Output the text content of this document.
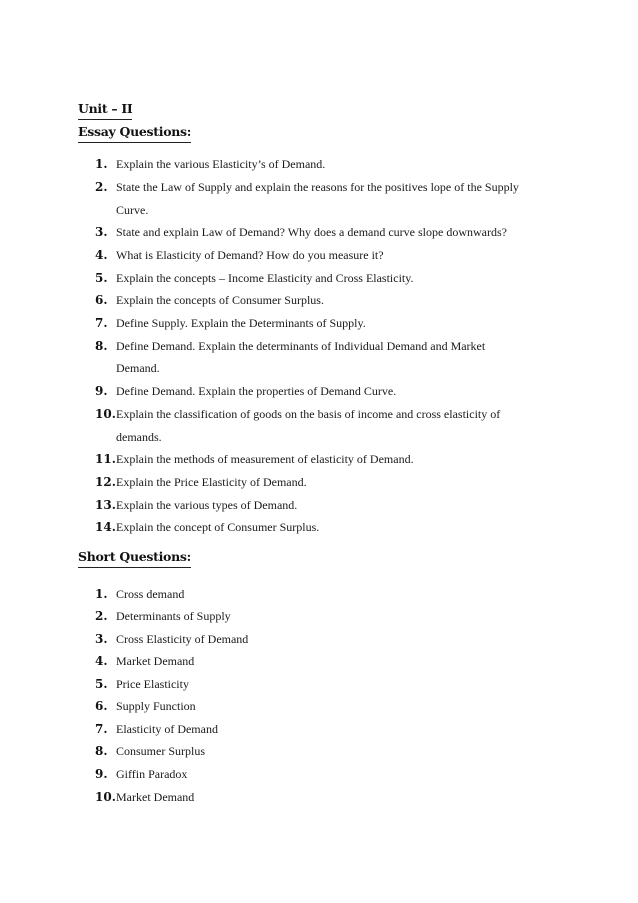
Unit – II
Essay Questions:
1. Explain the various Elasticity’s of Demand.
2. State the Law of Supply and explain the reasons for the positives lope of the Supply
Curve.
3. State and explain Law of Demand? Why does a demand curve slope downwards?
4. What is Elasticity of Demand? How do you measure it?
5. Explain the concepts – Income Elasticity and Cross Elasticity.
6. Explain the concepts of Consumer Surplus.
7. Define Supply. Explain the Determinants of Supply.
8. Define Demand. Explain the determinants of Individual Demand and Market
Demand.
9. Define Demand. Explain the properties of Demand Curve.
10. Explain the classification of goods on the basis of income and cross elasticity of
demands.
11. Explain the methods of measurement of elasticity of Demand.
12. Explain the Price Elasticity of Demand.
13. Explain the various types of Demand.
14. Explain the concept of Consumer Surplus.
Short Questions:
1. Cross demand
2. Determinants of Supply
3. Cross Elasticity of Demand
4. Market Demand
5. Price Elasticity
6. Supply Function
7. Elasticity of Demand
8. Consumer Surplus
9. Giffin Paradox
10. Market Demand
